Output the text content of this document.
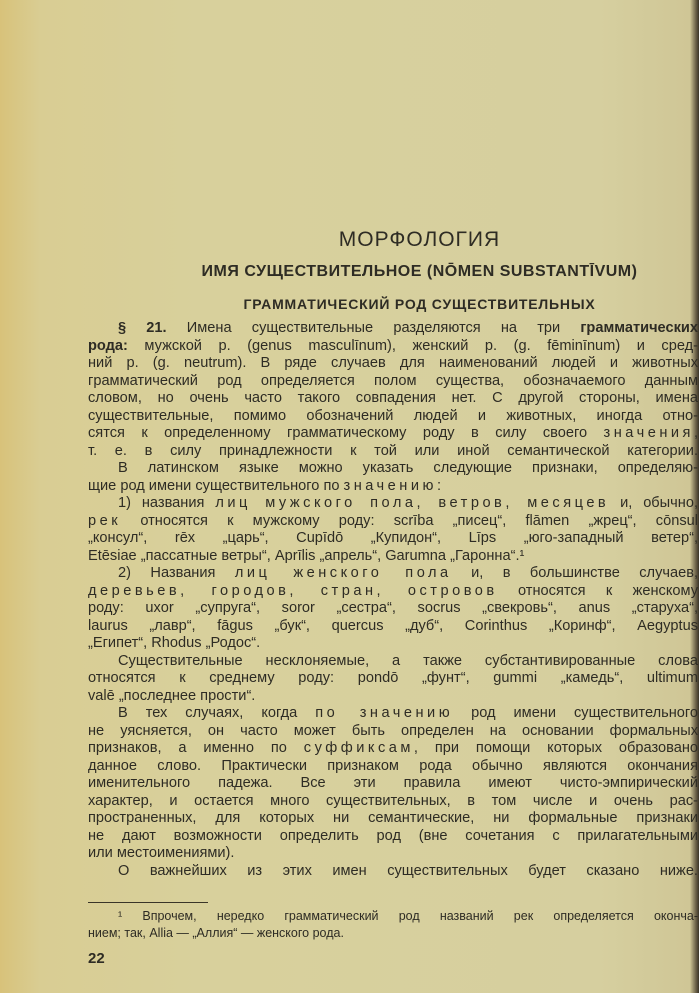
МОРФОЛОГИЯ
ИМЯ СУЩЕСТВИТЕЛЬНОЕ (NŌMEN SUBSTANTĪVUM)
ГРАММАТИЧЕСКИЙ РОД СУЩЕСТВИТЕЛЬНЫХ
§ 21. Имена существительные разделяются на три грамматических
рода: мужской р. (genus masculīnum), женский р. (g. fēminīnum) и сред-
ний р. (g. neutrum). В ряде случаев для наименований людей и животных
грамматический род определяется полом существа, обозначаемого данным
словом, но очень часто такого совпадения нет. С другой стороны, имена
существительные, помимо обозначений людей и животных, иногда отно-
сятся к определенному грамматическому роду в силу своего значения,
т. е. в силу принадлежности к той или иной семантической категории.
В латинском языке можно указать следующие признаки, определяю-
щие род имени существительного по значению:
1) названия лиц мужского пола, ветров, месяцев и, обычно,
рек относятся к мужскому роду: scrība „писец“, flāmen „жрец“, cōnsul
„консул“, rēx „царь“, Cupīdō „Купидон“, Līps „юго-западный ветер“,
Etēsiae „пассатные ветры“, Aprīlis „апрель“, Garumna „Гаронна“.¹
2) Названия лиц женского пола и, в большинстве случаев,
деревьев, городов, стран, островов относятся к женскому
роду: uxor „супруга“, soror „сестра“, socrus „свекровь“, anus „старуха“,
laurus „лавр“, fāgus „бук“, quercus „дуб“, Corinthus „Коринф“, Aegyptus
„Египет“, Rhodus „Родос“.
Существительные несклоняемые, а также субстантивированные слова
относятся к среднему роду: pondō „фунт“, gummi „камедь“, ultimum
valē „последнее прости“.
В тех случаях, когда по значению род имени существительного
не уясняется, он часто может быть определен на основании формальных
признаков, а именно по суффиксам, при помощи которых образовано
данное слово. Практически признаком рода обычно являются окончания
именительного падежа. Все эти правила имеют чисто-эмпирический
характер, и остается много существительных, в том числе и очень рас-
пространенных, для которых ни семантические, ни формальные признаки
не дают возможности определить род (вне сочетания с прилагательными
или местоимениями).
О важнейших из этих имен существительных будет сказано ниже.
¹ Впрочем, нередко грамматический род названий рек определяется оконча-
нием; так, Allia — „Аллия“ — женского рода.
22
